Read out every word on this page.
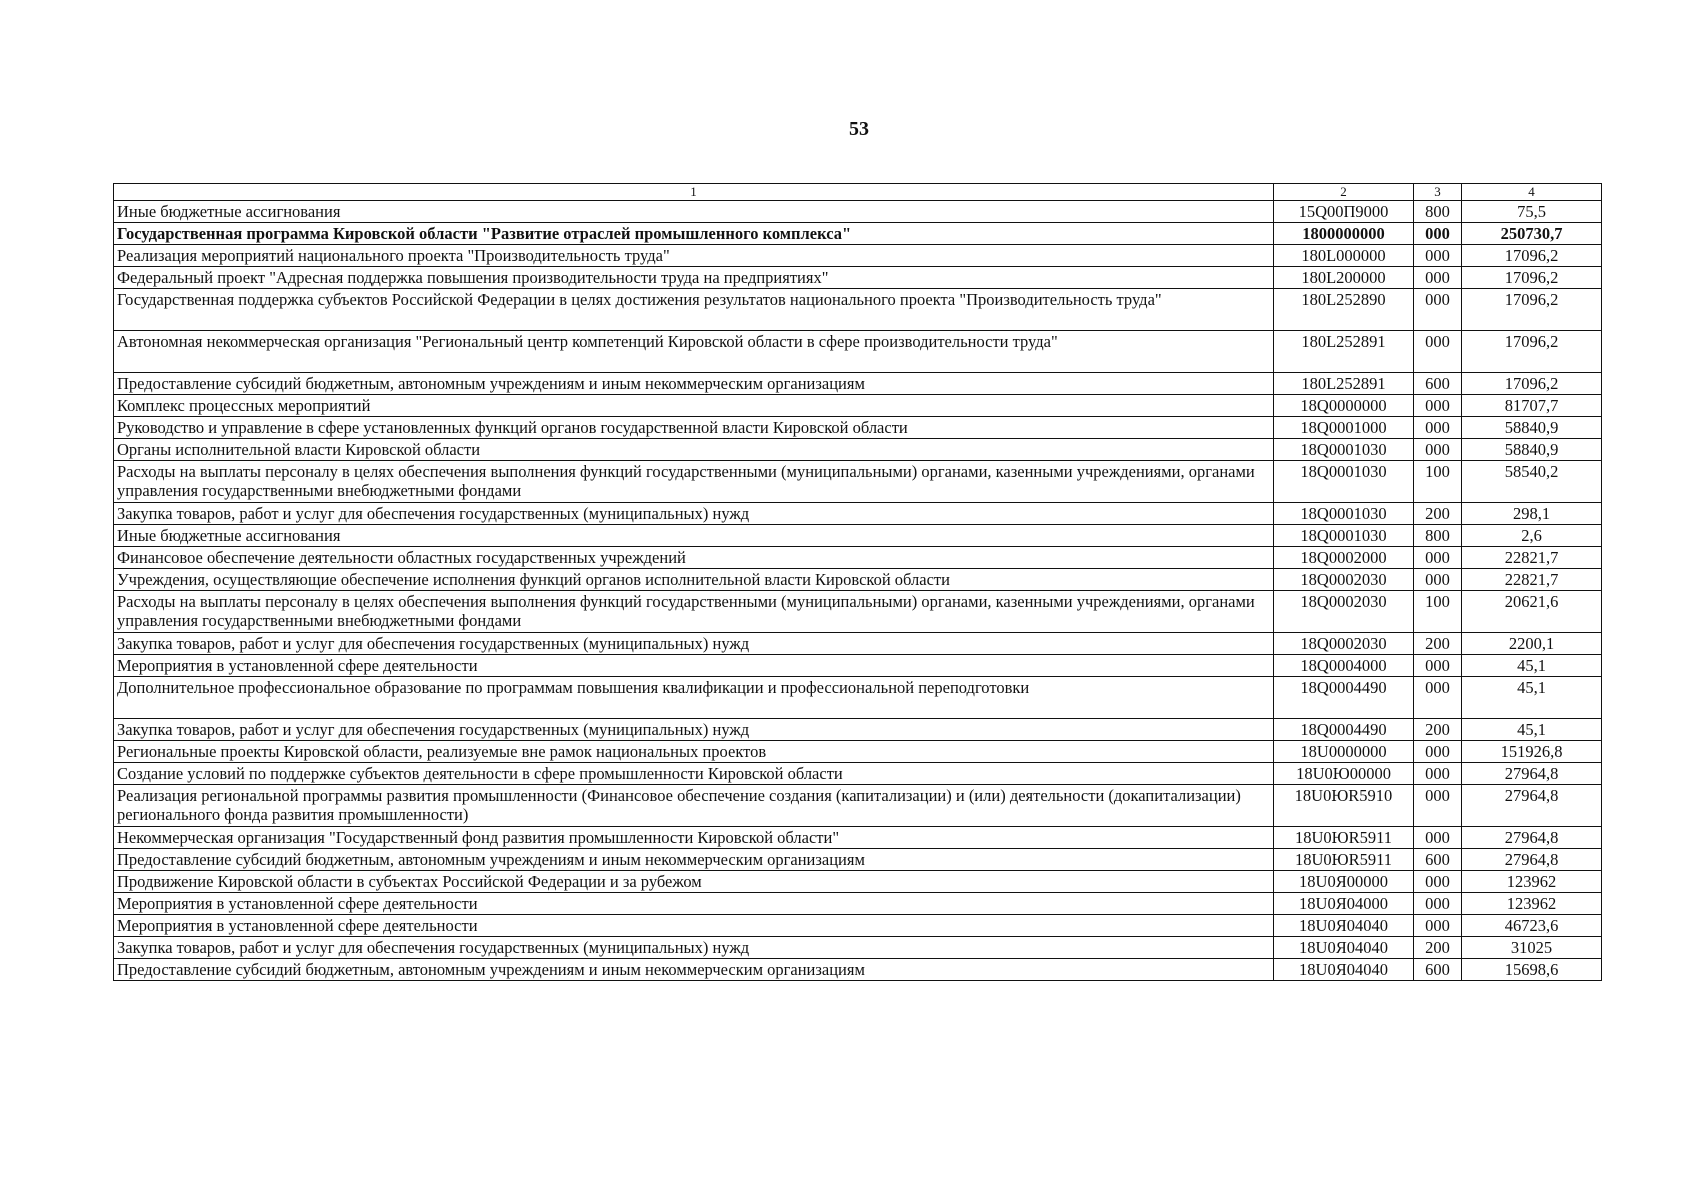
53
1	2	3	4
Иные бюджетные ассигнования	15Q00П9000	800	75,5
Государственная программа Кировской области "Развитие отраслей промышленного комплекса"	1800000000	000	250730,7
Реализация мероприятий национального проекта "Производительность труда"	180L000000	000	17096,2
Федеральный проект "Адресная поддержка повышения производительности труда на предприятиях"	180L200000	000	17096,2
Государственная поддержка субъектов Российской Федерации в целях достижения результатов национального проекта "Производительность труда"	180L252890	000	17096,2
Автономная некоммерческая организация "Региональный центр компетенций Кировской области в сфере производительности труда"	180L252891	000	17096,2
Предоставление субсидий бюджетным, автономным учреждениям и иным некоммерческим организациям	180L252891	600	17096,2
Комплекс процессных мероприятий	18Q0000000	000	81707,7
Руководство и управление в сфере установленных функций органов государственной власти Кировской области	18Q0001000	000	58840,9
Органы исполнительной власти Кировской области	18Q0001030	000	58840,9
Расходы на выплаты персоналу в целях обеспечения выполнения функций государственными (муниципальными) органами, казенными учреждениями, органами управления государственными внебюджетными фондами	18Q0001030	100	58540,2
Закупка товаров, работ и услуг для обеспечения государственных (муниципальных) нужд	18Q0001030	200	298,1
Иные бюджетные ассигнования	18Q0001030	800	2,6
Финансовое обеспечение деятельности областных государственных учреждений	18Q0002000	000	22821,7
Учреждения, осуществляющие обеспечение исполнения функций органов исполнительной власти Кировской области	18Q0002030	000	22821,7
Расходы на выплаты персоналу в целях обеспечения выполнения функций государственными (муниципальными) органами, казенными учреждениями, органами управления государственными внебюджетными фондами	18Q0002030	100	20621,6
Закупка товаров, работ и услуг для обеспечения государственных (муниципальных) нужд	18Q0002030	200	2200,1
Мероприятия в установленной сфере деятельности	18Q0004000	000	45,1
Дополнительное профессиональное образование по программам повышения квалификации и профессиональной переподготовки	18Q0004490	000	45,1
Закупка товаров, работ и услуг для обеспечения государственных (муниципальных) нужд	18Q0004490	200	45,1
Региональные проекты Кировской области, реализуемые вне рамок национальных проектов	18U0000000	000	151926,8
Создание условий по поддержке субъектов деятельности в сфере промышленности Кировской области	18U0Ю00000	000	27964,8
Реализация региональной программы развития промышленности (Финансовое обеспечение создания (капитализации) и (или) деятельности (докапитализации) регионального фонда развития промышленности)	18U0ЮR5910	000	27964,8
Некоммерческая организация "Государственный фонд развития промышленности Кировской области"	18U0ЮR5911	000	27964,8
Предоставление субсидий бюджетным, автономным учреждениям и иным некоммерческим организациям	18U0ЮR5911	600	27964,8
Продвижение Кировской области в субъектах Российской Федерации и за рубежом	18U0Я00000	000	123962
Мероприятия в установленной сфере деятельности	18U0Я04000	000	123962
Мероприятия в установленной сфере деятельности	18U0Я04040	000	46723,6
Закупка товаров, работ и услуг для обеспечения государственных (муниципальных) нужд	18U0Я04040	200	31025
Предоставление субсидий бюджетным, автономным учреждениям и иным некоммерческим организациям	18U0Я04040	600	15698,6
